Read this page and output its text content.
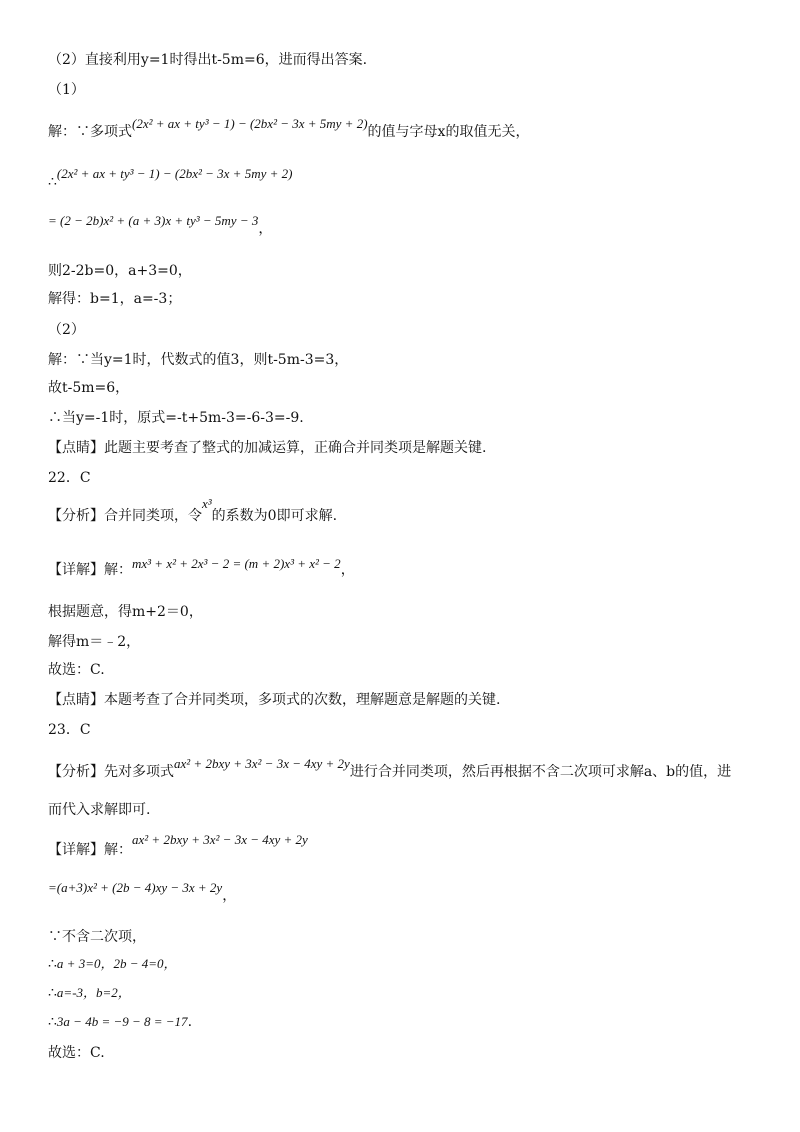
（2）直接利用y=1时得出t-5m=6，进而得出答案.
（1）
解：∵多项式(2x² + ax + ty³ − 1) − (2bx² − 3x + 5my + 2)的值与字母x的取值无关，
∴(2x² + ax + ty³ − 1) − (2bx² − 3x + 5my + 2)
= (2 − 2b)x² + (a + 3)x + ty³ − 5my − 3，
则2-2b=0，a+3=0，
解得：b=1，a=-3；
（2）
解：∵当y=1时，代数式的值3，则t-5m-3=3，
故t-5m=6，
∴当y=-1时，原式=-t+5m-3=-6-3=-9.
【点睛】此题主要考查了整式的加减运算，正确合并同类项是解题关键.
22．C
【分析】合并同类项，令x³的系数为0即可求解.
【详解】解：mx³ + x² + 2x³ − 2 = (m + 2)x³ + x² − 2，
根据题意，得m+2＝0，
解得m＝﹣2，
故选：C.
【点睛】本题考查了合并同类项，多项式的次数，理解题意是解题的关键.
23．C
【分析】先对多项式ax² + 2bxy + 3x² − 3x − 4xy + 2y进行合并同类项，然后再根据不含二次项可求解a、b的值，进
而代入求解即可.
【详解】解：ax² + 2bxy + 3x² − 3x − 4xy + 2y
=(a+3)x² + (2b − 4)xy − 3x + 2y，
∵不含二次项，
∴a + 3=0，2b − 4=0，
∴a=-3，b=2，
∴3a − 4b = −9 − 8 = −17.
故选：C.
